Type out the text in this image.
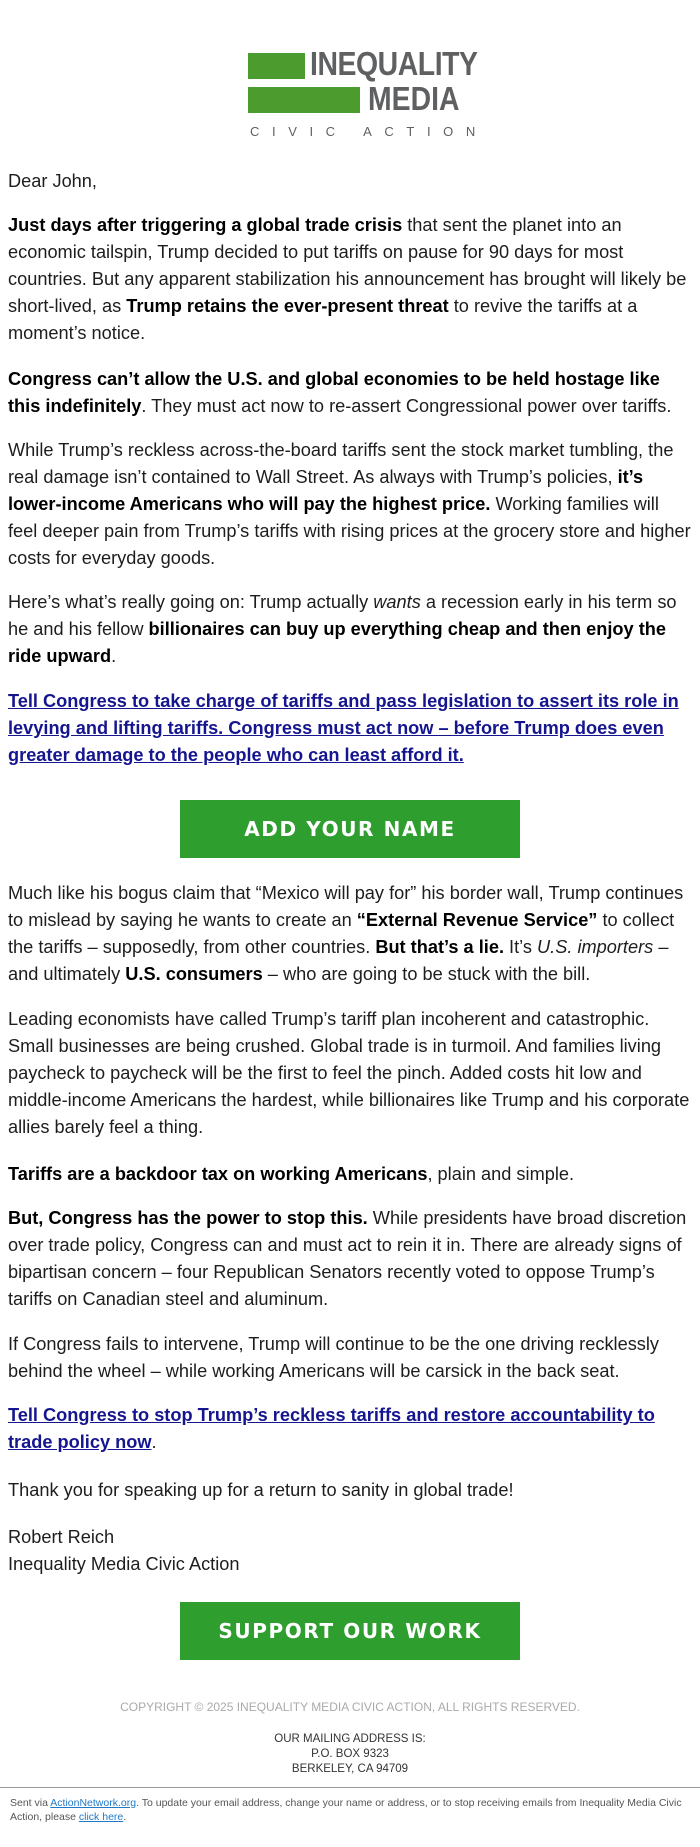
INEQUALITY
MEDIA
CIVIC ACTION

Dear John,

Just days after triggering a global trade crisis that sent the planet into an economic tailspin, Trump decided to put tariffs on pause for 90 days for most countries. But any apparent stabilization his announcement has brought will likely be short-lived, as Trump retains the ever-present threat to revive the tariffs at a moment’s notice.

Congress can’t allow the U.S. and global economies to be held hostage like this indefinitely. They must act now to re-assert Congressional power over tariffs.

While Trump’s reckless across-the-board tariffs sent the stock market tumbling, the real damage isn’t contained to Wall Street. As always with Trump’s policies, it’s lower-income Americans who will pay the highest price. Working families will feel deeper pain from Trump’s tariffs with rising prices at the grocery store and higher costs for everyday goods.

Here’s what’s really going on: Trump actually wants a recession early in his term so he and his fellow billionaires can buy up everything cheap and then enjoy the ride upward.

Tell Congress to take charge of tariffs and pass legislation to assert its role in levying and lifting tariffs. Congress must act now – before Trump does even greater damage to the people who can least afford it.

ADD YOUR NAME

Much like his bogus claim that “Mexico will pay for” his border wall, Trump continues to mislead by saying he wants to create an “External Revenue Service” to collect the tariffs – supposedly, from other countries. But that’s a lie. It’s U.S. importers – and ultimately U.S. consumers – who are going to be stuck with the bill.

Leading economists have called Trump’s tariff plan incoherent and catastrophic. Small businesses are being crushed. Global trade is in turmoil. And families living paycheck to paycheck will be the first to feel the pinch. Added costs hit low and middle-income Americans the hardest, while billionaires like Trump and his corporate allies barely feel a thing.

Tariffs are a backdoor tax on working Americans, plain and simple.

But, Congress has the power to stop this. While presidents have broad discretion over trade policy, Congress can and must act to rein it in. There are already signs of bipartisan concern – four Republican Senators recently voted to oppose Trump’s tariffs on Canadian steel and aluminum.

If Congress fails to intervene, Trump will continue to be the one driving recklessly behind the wheel – while working Americans will be carsick in the back seat.

Tell Congress to stop Trump’s reckless tariffs and restore accountability to trade policy now.

Thank you for speaking up for a return to sanity in global trade!

Robert Reich

Inequality Media Civic Action

SUPPORT OUR WORK
COPYRIGHT © 2025 INEQUALITY MEDIA CIVIC ACTION, ALL RIGHTS RESERVED.
OUR MAILING ADDRESS IS:
P.O. BOX 9323
BERKELEY, CA 94709
Sent via ActionNetwork.org. To update your email address, change your name or address, or to stop receiving emails from Inequality Media Civic Action, please click here.
